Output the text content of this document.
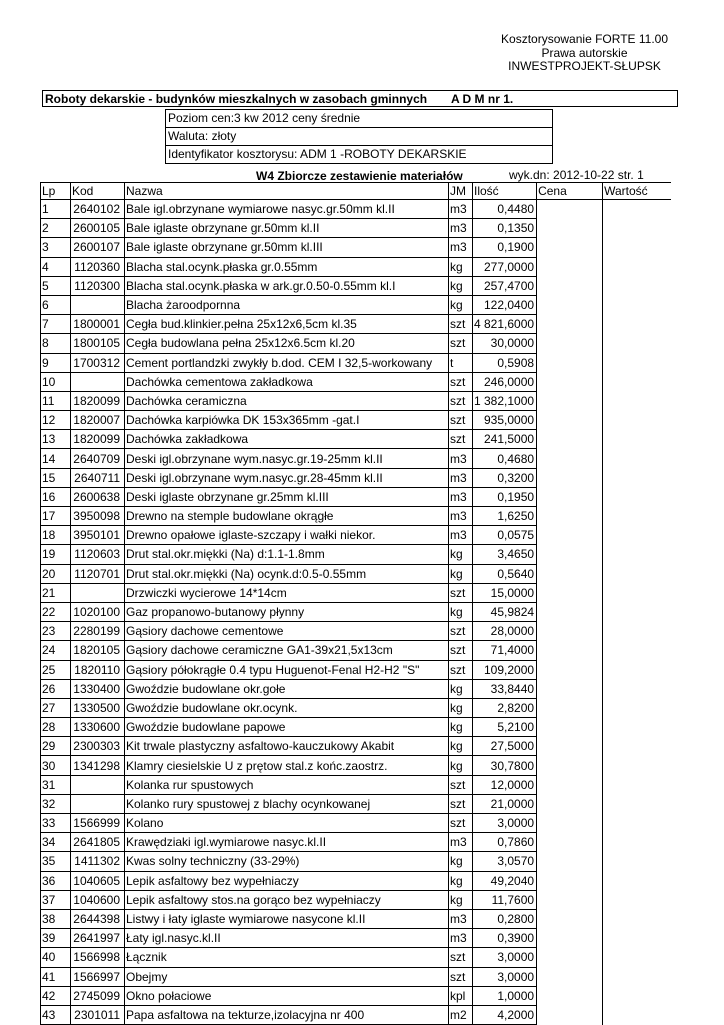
Kosztorysowanie FORTE 11.00
Prawa autorskie
INWESTPROJEKT-SŁUPSK
Roboty dekarskie - budynków mieszkalnych w zasobach gminnych A D M nr 1.
Poziom cen:3 kw 2012 ceny średnie
Waluta: złoty
Identyfikator kosztorysu: ADM 1 -ROBOTY DEKARSKIE
W4 Zbiorcze zestawienie materiałów	wyk.dn: 2012-10-22 str. 1
Lp	Kod	Nazwa	JM	Ilość	Cena	Wartość
1	2640102	Bale igl.obrzynane wymiarowe nasyc.gr.50mm kl.II	m3	0,4480		
2	2600105	Bale iglaste obrzynane gr.50mm kl.II	m3	0,1350		
3	2600107	Bale iglaste obrzynane gr.50mm kl.III	m3	0,1900		
4	1120360	Blacha stal.ocynk.płaska gr.0.55mm	kg	277,0000		
5	1120300	Blacha stal.ocynk.płaska w ark.gr.0.50-0.55mm kl.I	kg	257,4700		
6		Blacha żaroodpornna	kg	122,0400		
7	1800001	Cegła bud.klinkier.pełna 25x12x6,5cm kl.35	szt	4 821,6000		
8	1800105	Cegła budowlana pełna 25x12x6.5cm kl.20	szt	30,0000		
9	1700312	Cement portlandzki zwykły b.dod. CEM I 32,5-workowany	t	0,5908		
10		Dachówka cementowa zakładkowa	szt	246,0000		
11	1820099	Dachówka ceramiczna	szt	1 382,1000		
12	1820007	Dachówka karpiówka DK 153x365mm -gat.I	szt	935,0000		
13	1820099	Dachówka zakładkowa	szt	241,5000		
14	2640709	Deski igl.obrzynane wym.nasyc.gr.19-25mm kl.II	m3	0,4680		
15	2640711	Deski igl.obrzynane wym.nasyc.gr.28-45mm kl.II	m3	0,3200		
16	2600638	Deski iglaste obrzynane gr.25mm kl.III	m3	0,1950		
17	3950098	Drewno na stemple budowlane okrągłe	m3	1,6250		
18	3950101	Drewno opałowe iglaste-szczapy i wałki niekor.	m3	0,0575		
19	1120603	Drut stal.okr.miękki (Na) d:1.1-1.8mm	kg	3,4650		
20	1120701	Drut stal.okr.miękki (Na) ocynk.d:0.5-0.55mm	kg	0,5640		
21		Drzwiczki wycierowe 14*14cm	szt	15,0000		
22	1020100	Gaz propanowo-butanowy płynny	kg	45,9824		
23	2280199	Gąsiory dachowe cementowe	szt	28,0000		
24	1820105	Gąsiory dachowe ceramiczne GA1-39x21,5x13cm	szt	71,4000		
25	1820110	Gąsiory półokrągłe 0.4 typu Huguenot-Fenal H2-H2 "S"	szt	109,2000		
26	1330400	Gwoździe budowlane okr.gołe	kg	33,8440		
27	1330500	Gwoździe budowlane okr.ocynk.	kg	2,8200		
28	1330600	Gwoździe budowlane papowe	kg	5,2100		
29	2300303	Kit trwale plastyczny asfaltowo-kauczukowy Akabit	kg	27,5000		
30	1341298	Klamry ciesielskie U z prętow stal.z końc.zaostrz.	kg	30,7800		
31		Kolanka rur spustowych	szt	12,0000		
32		Kolanko rury spustowej z blachy ocynkowanej	szt	21,0000		
33	1566999	Kolano	szt	3,0000		
34	2641805	Krawędziaki igl.wymiarowe nasyc.kl.II	m3	0,7860		
35	1411302	Kwas solny techniczny (33-29%)	kg	3,0570		
36	1040605	Lepik asfaltowy bez wypełniaczy	kg	49,2040		
37	1040600	Lepik asfaltowy stos.na gorąco bez wypełniaczy	kg	11,7600		
38	2644398	Listwy i łaty iglaste wymiarowe nasycone kl.II	m3	0,2800		
39	2641997	Łaty igl.nasyc.kl.II	m3	0,3900		
40	1566998	Łącznik	szt	3,0000		
41	1566997	Obejmy	szt	3,0000		
42	2745099	Okno połaciowe	kpl	1,0000		
43	2301011	Papa asfaltowa na tekturze,izolacyjna nr 400	m2	4,2000		
